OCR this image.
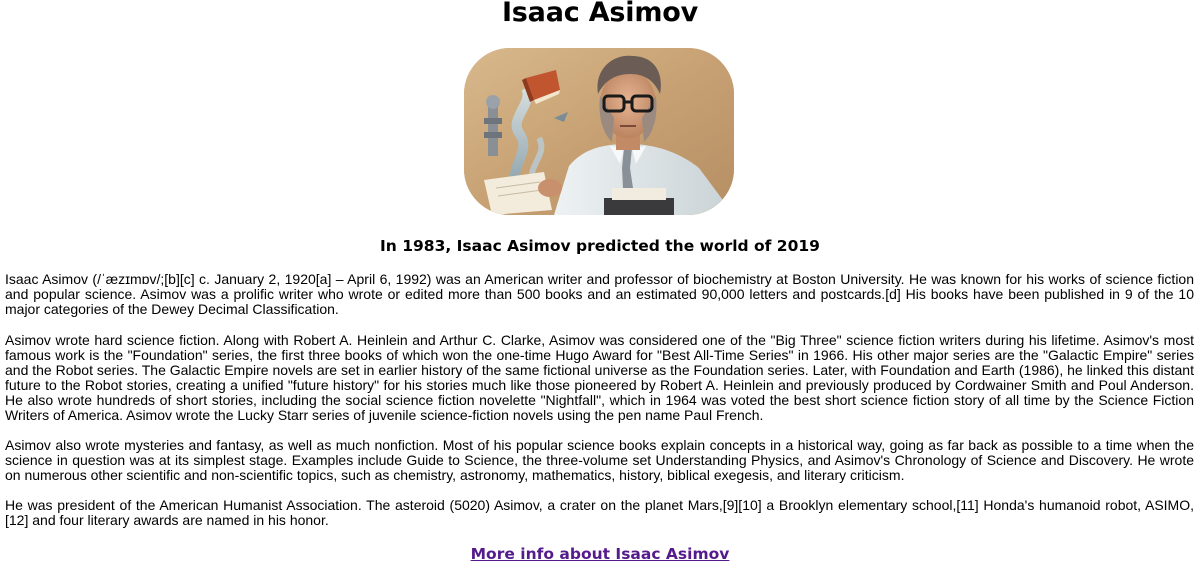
Isaac Asimov
In 1983, Isaac Asimov predicted the world of 2019

Isaac Asimov (/ˈæzɪmɒv/;[b][c] c. January 2, 1920[a] – April 6, 1992) was an American writer and professor of biochemistry at Boston University. He was known for his works of science fiction and popular science. Asimov was a prolific writer who wrote or edited more than 500 books and an estimated 90,000 letters and postcards.[d] His books have been published in 9 of the 10 major categories of the Dewey Decimal Classification.

Asimov wrote hard science fiction. Along with Robert A. Heinlein and Arthur C. Clarke, Asimov was considered one of the "Big Three" science fiction writers during his lifetime. Asimov's most famous work is the "Foundation" series, the first three books of which won the one-time Hugo Award for "Best All-Time Series" in 1966. His other major series are the "Galactic Empire" series and the Robot series. The Galactic Empire novels are set in earlier history of the same fictional universe as the Foundation series. Later, with Foundation and Earth (1986), he linked this distant future to the Robot stories, creating a unified "future history" for his stories much like those pioneered by Robert A. Heinlein and previously produced by Cordwainer Smith and Poul Anderson. He also wrote hundreds of short stories, including the social science fiction novelette "Nightfall", which in 1964 was voted the best short science fiction story of all time by the Science Fiction Writers of America. Asimov wrote the Lucky Starr series of juvenile science-fiction novels using the pen name Paul French.

Asimov also wrote mysteries and fantasy, as well as much nonfiction. Most of his popular science books explain concepts in a historical way, going as far back as possible to a time when the science in question was at its simplest stage. Examples include Guide to Science, the three-volume set Understanding Physics, and Asimov's Chronology of Science and Discovery. He wrote on numerous other scientific and non-scientific topics, such as chemistry, astronomy, mathematics, history, biblical exegesis, and literary criticism.

He was president of the American Humanist Association. The asteroid (5020) Asimov, a crater on the planet Mars,[9][10] a Brooklyn elementary school,[11] Honda's humanoid robot, ASIMO,[12] and four literary awards are named in his honor.

More info about Isaac Asimov
